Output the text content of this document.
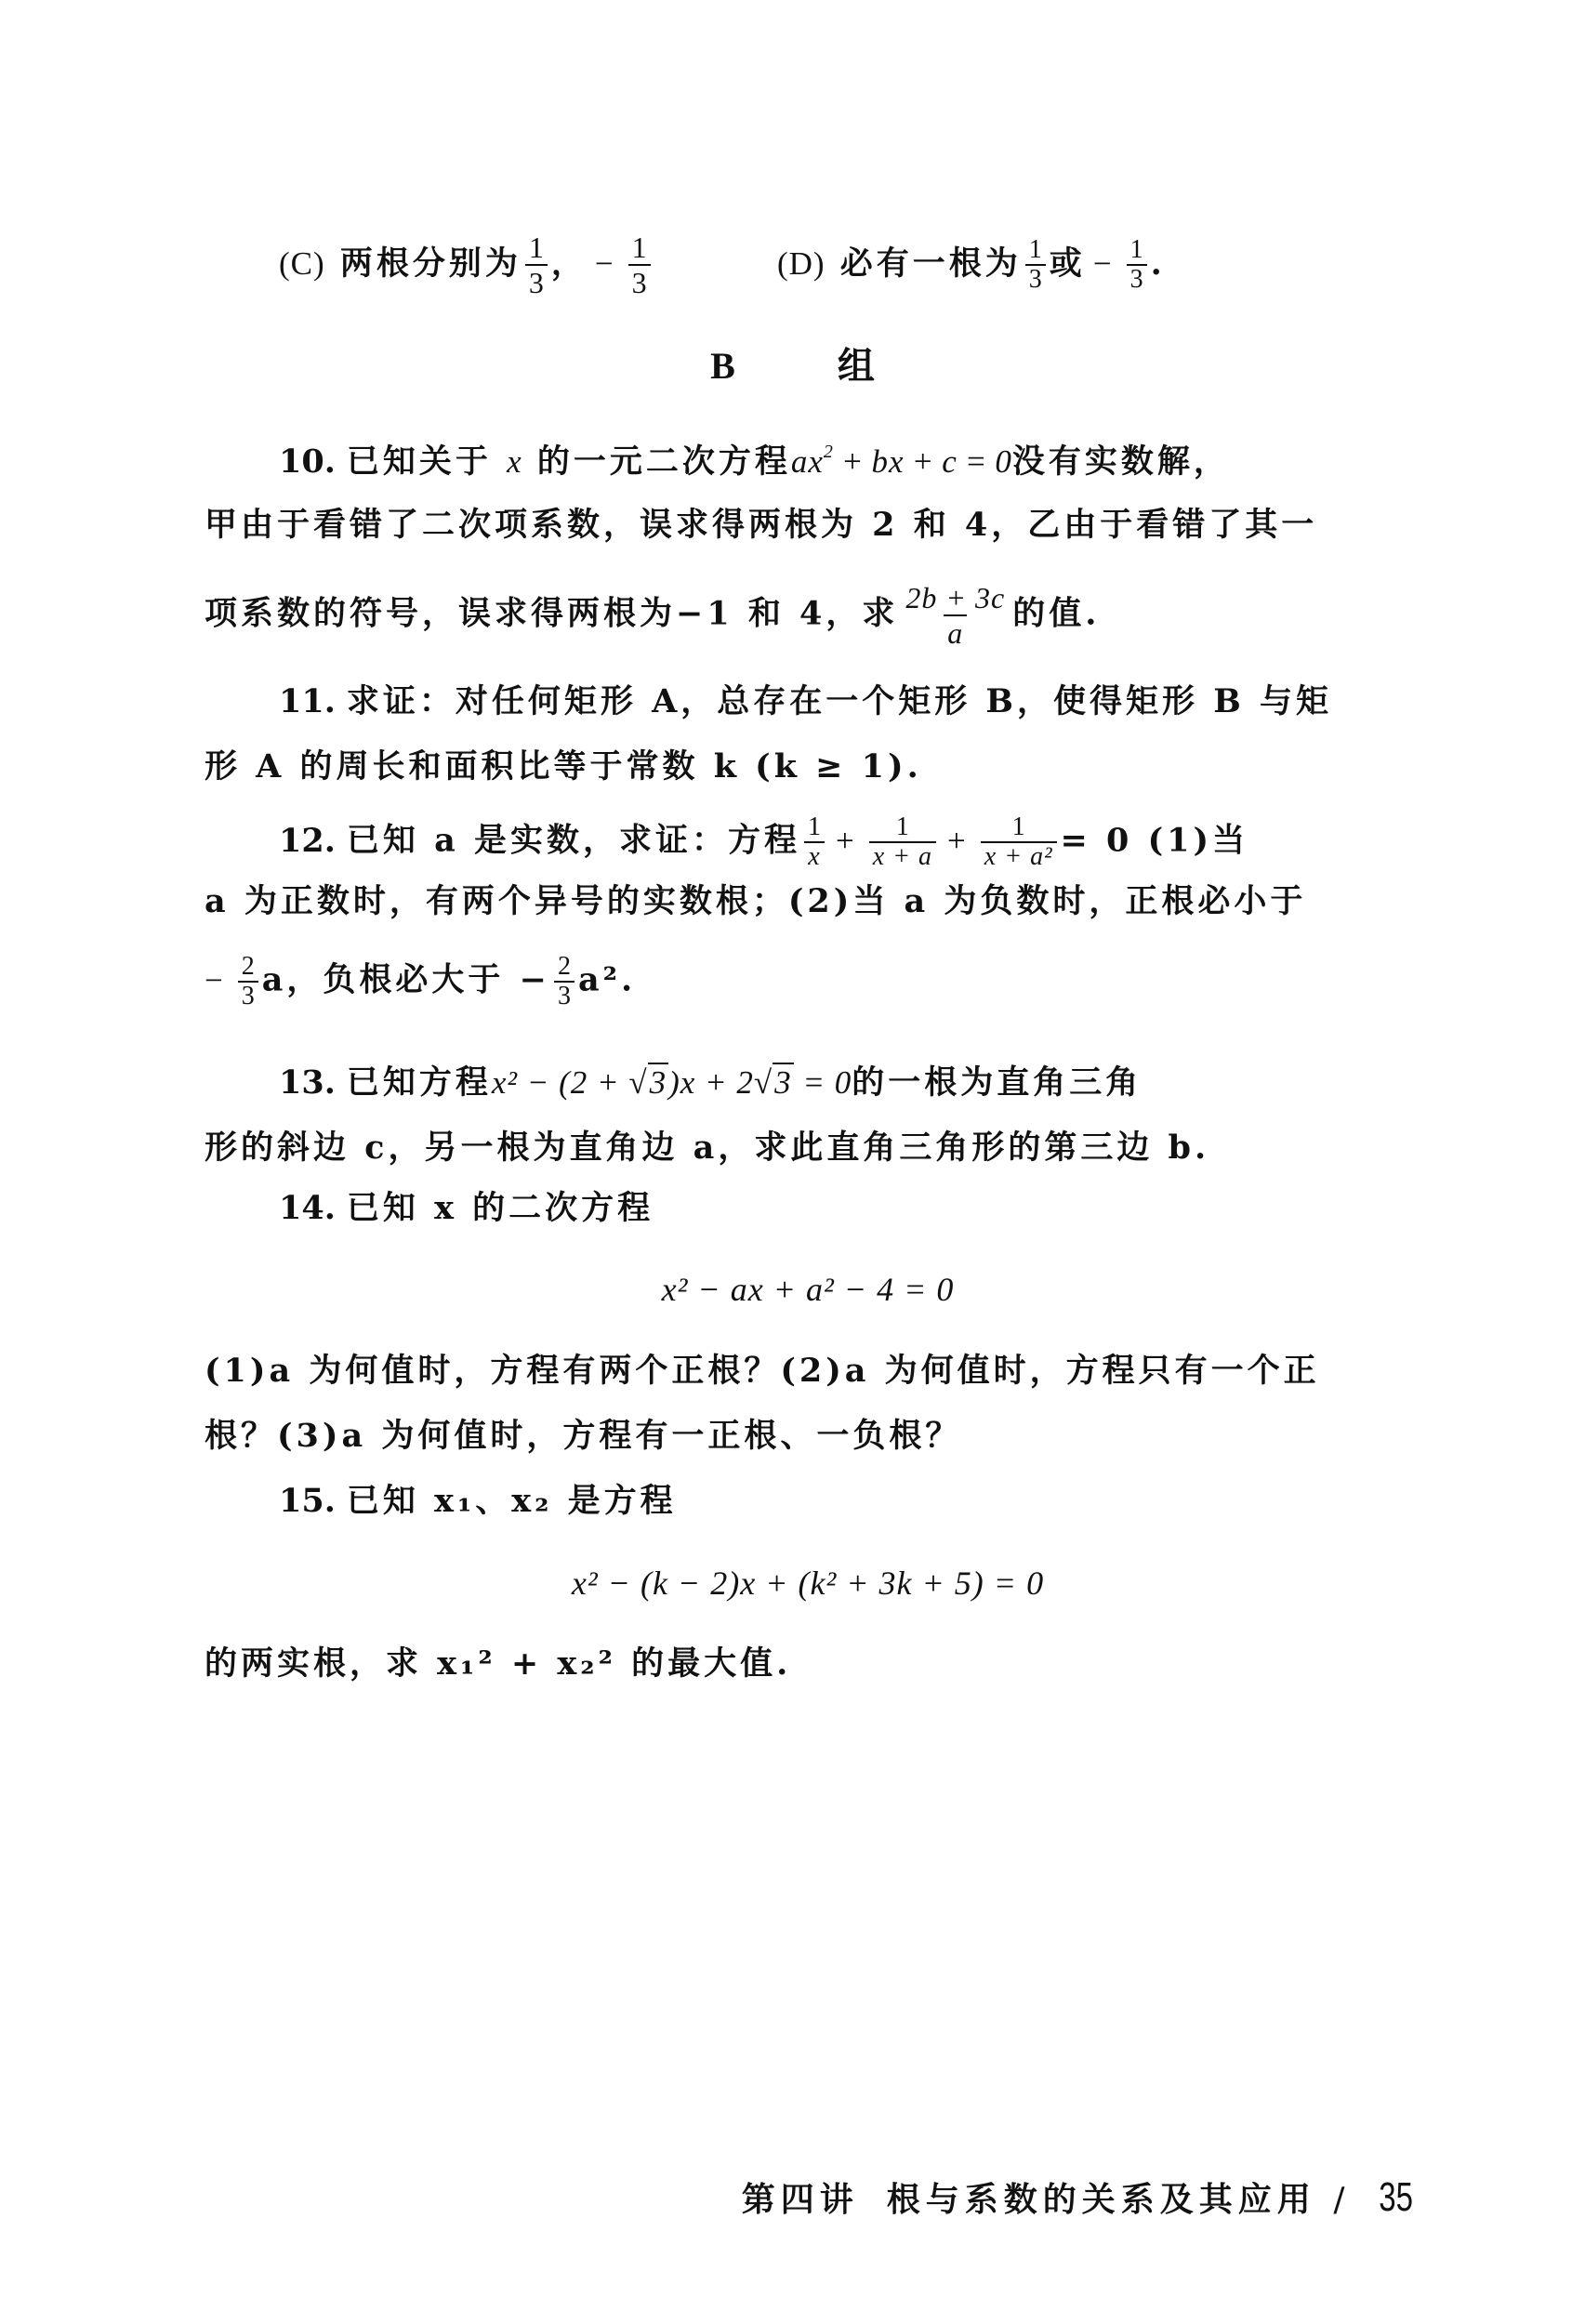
(C) 两根分别为 $\frac{1}{3}$ ， − $\frac{1}{3}$	(D) 必有一根为 $\frac{1}{3}$ 或 − $\frac{1}{3}$ .
B	组
10. 已知关于 x 的一元二次方程$ax^2$ + bx + c = 0没有实数解，
甲由于看错了二次项系数，误求得两根为 2 和 4，乙由于看错了其一
项系数的符号，误求得两根为−1 和 4，求 $\frac{2b + 3c}{a}$ 的值.
11. 求证：对任何矩形 A，总存在一个矩形 B，使得矩形 B 与矩
形 A 的周长和面积比等于常数 k (k ≥ 1).
12. 已知 a 是实数，求证：方程 $\frac{1}{x} + \frac{1}{x + a} + \frac{1}{\text{x + a²}} = 0$ (1)当
a 为正数时，有两个异号的实数根；(2)当 a 为负数时，正根必小于
− $\frac{2}{3}$ a，负根必大于 − $\frac{2}{3} a^2$.
13. 已知方程x² − (2 + √3)x + 2√3 = 0的一根为直角三角
形的斜边 c，另一根为直角边 a，求此直角三角形的第三边 b.
14. 已知 x 的二次方程
x² − ax + a² − 4 = 0
(1)a 为何值时，方程有两个正根？(2)a 为何值时，方程只有一个正
根？(3)a 为何值时，方程有一正根、一负根？
15. 已知 x₁、x₂ 是方程
x² − (k − 2)x + (k² + 3k + 5) = 0
的两实根，求 x₁² + x₂² 的最大值.
第四讲 根与系数的关系及其应用 / 35
